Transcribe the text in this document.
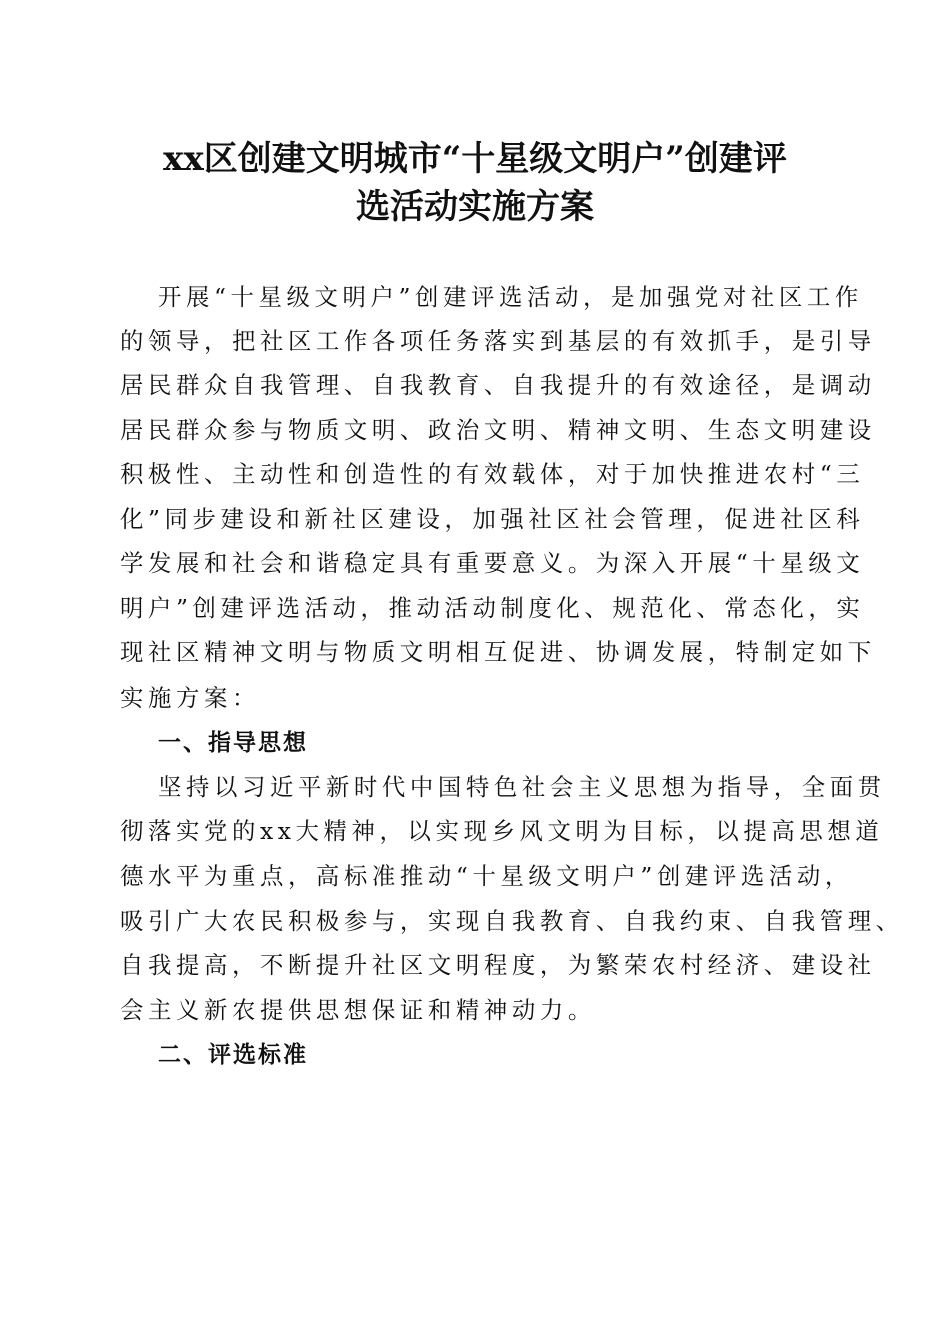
xx区创建文明城市“十星级文明户”创建评
选活动实施方案

开展“十星级文明户”创建评选活动，是加强党对社区工作

的领导，把社区工作各项任务落实到基层的有效抓手，是引导

居民群众自我管理、自我教育、自我提升的有效途径，是调动

居民群众参与物质文明、政治文明、精神文明、生态文明建设

积极性、主动性和创造性的有效载体，对于加快推进农村“三

化”同步建设和新社区建设，加强社区社会管理，促进社区科

学发展和社会和谐稳定具有重要意义。为深入开展“十星级文

明户”创建评选活动，推动活动制度化、规范化、常态化，实

现社区精神文明与物质文明相互促进、协调发展，特制定如下

实施方案：

一、指导思想

坚持以习近平新时代中国特色社会主义思想为指导，全面贯

彻落实党的xx大精神，以实现乡风文明为目标，以提高思想道

德水平为重点，高标准推动“十星级文明户”创建评选活动，

吸引广大农民积极参与，实现自我教育、自我约束、自我管理、

自我提高，不断提升社区文明程度，为繁荣农村经济、建设社

会主义新农提供思想保证和精神动力。

二、评选标准
